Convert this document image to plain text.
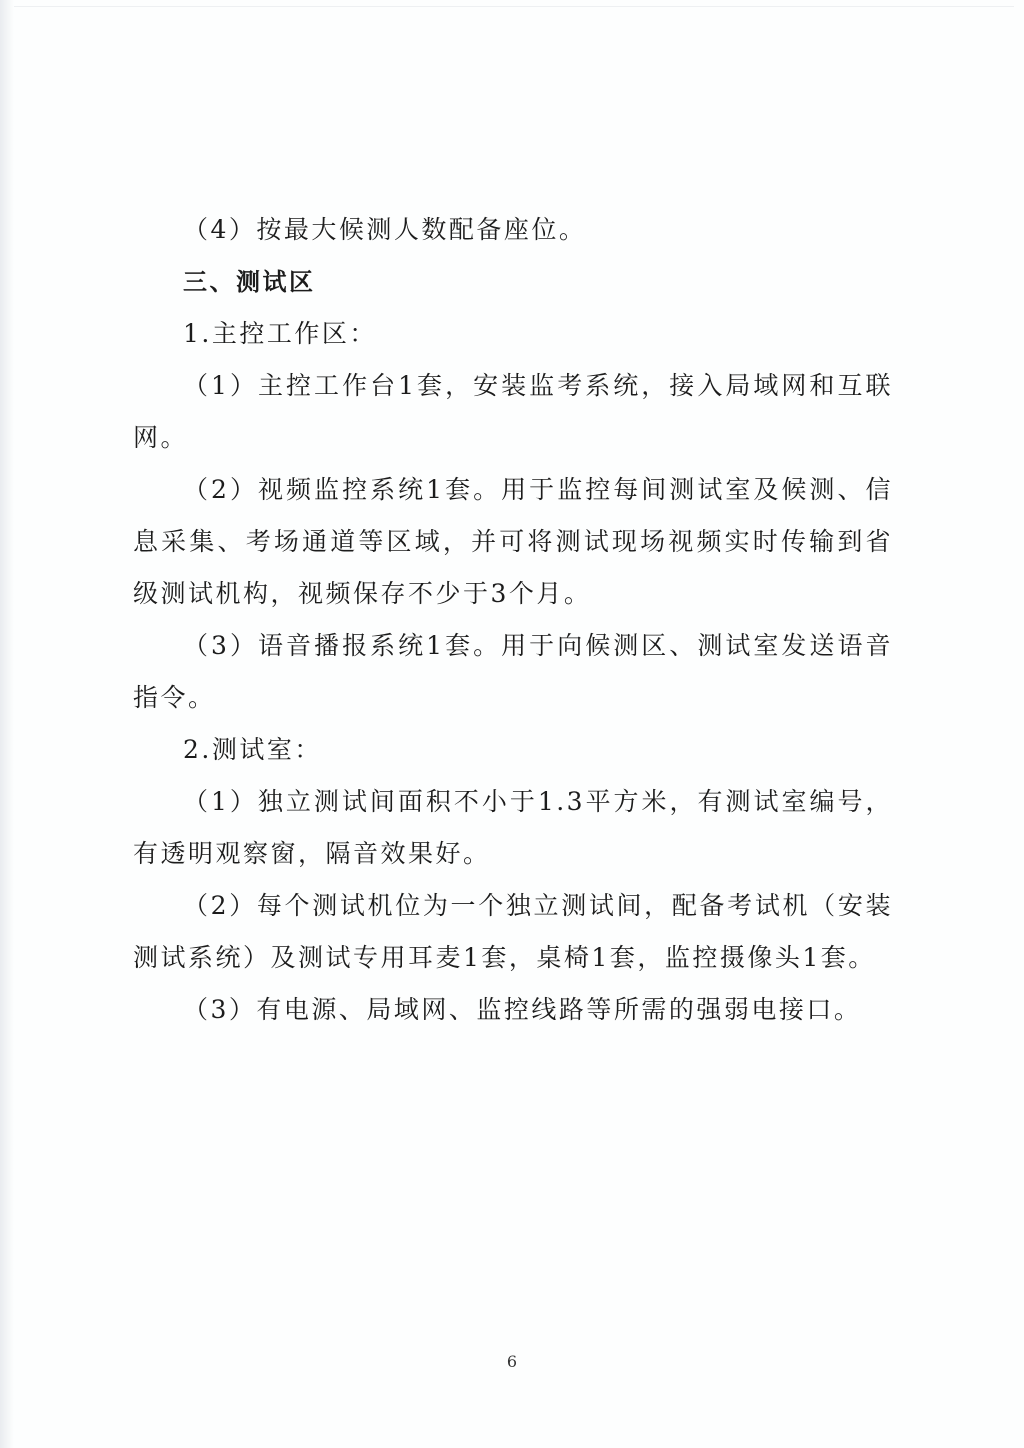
（4）按最大候测人数配备座位。

三、测试区

1.主控工作区：

（1）主控工作台1套，安装监考系统，接入局域网和互联网。

（2）视频监控系统1套。用于监控每间测试室及候测、信息采集、考场通道等区域，并可将测试现场视频实时传输到省级测试机构，视频保存不少于3个月。

（3）语音播报系统1套。用于向候测区、测试室发送语音指令。

2.测试室：

（1）独立测试间面积不小于1.3平方米，有测试室编号，有透明观察窗，隔音效果好。

（2）每个测试机位为一个独立测试间，配备考试机（安装测试系统）及测试专用耳麦1套，桌椅1套，监控摄像头1套。

（3）有电源、局域网、监控线路等所需的强弱电接口。

6
